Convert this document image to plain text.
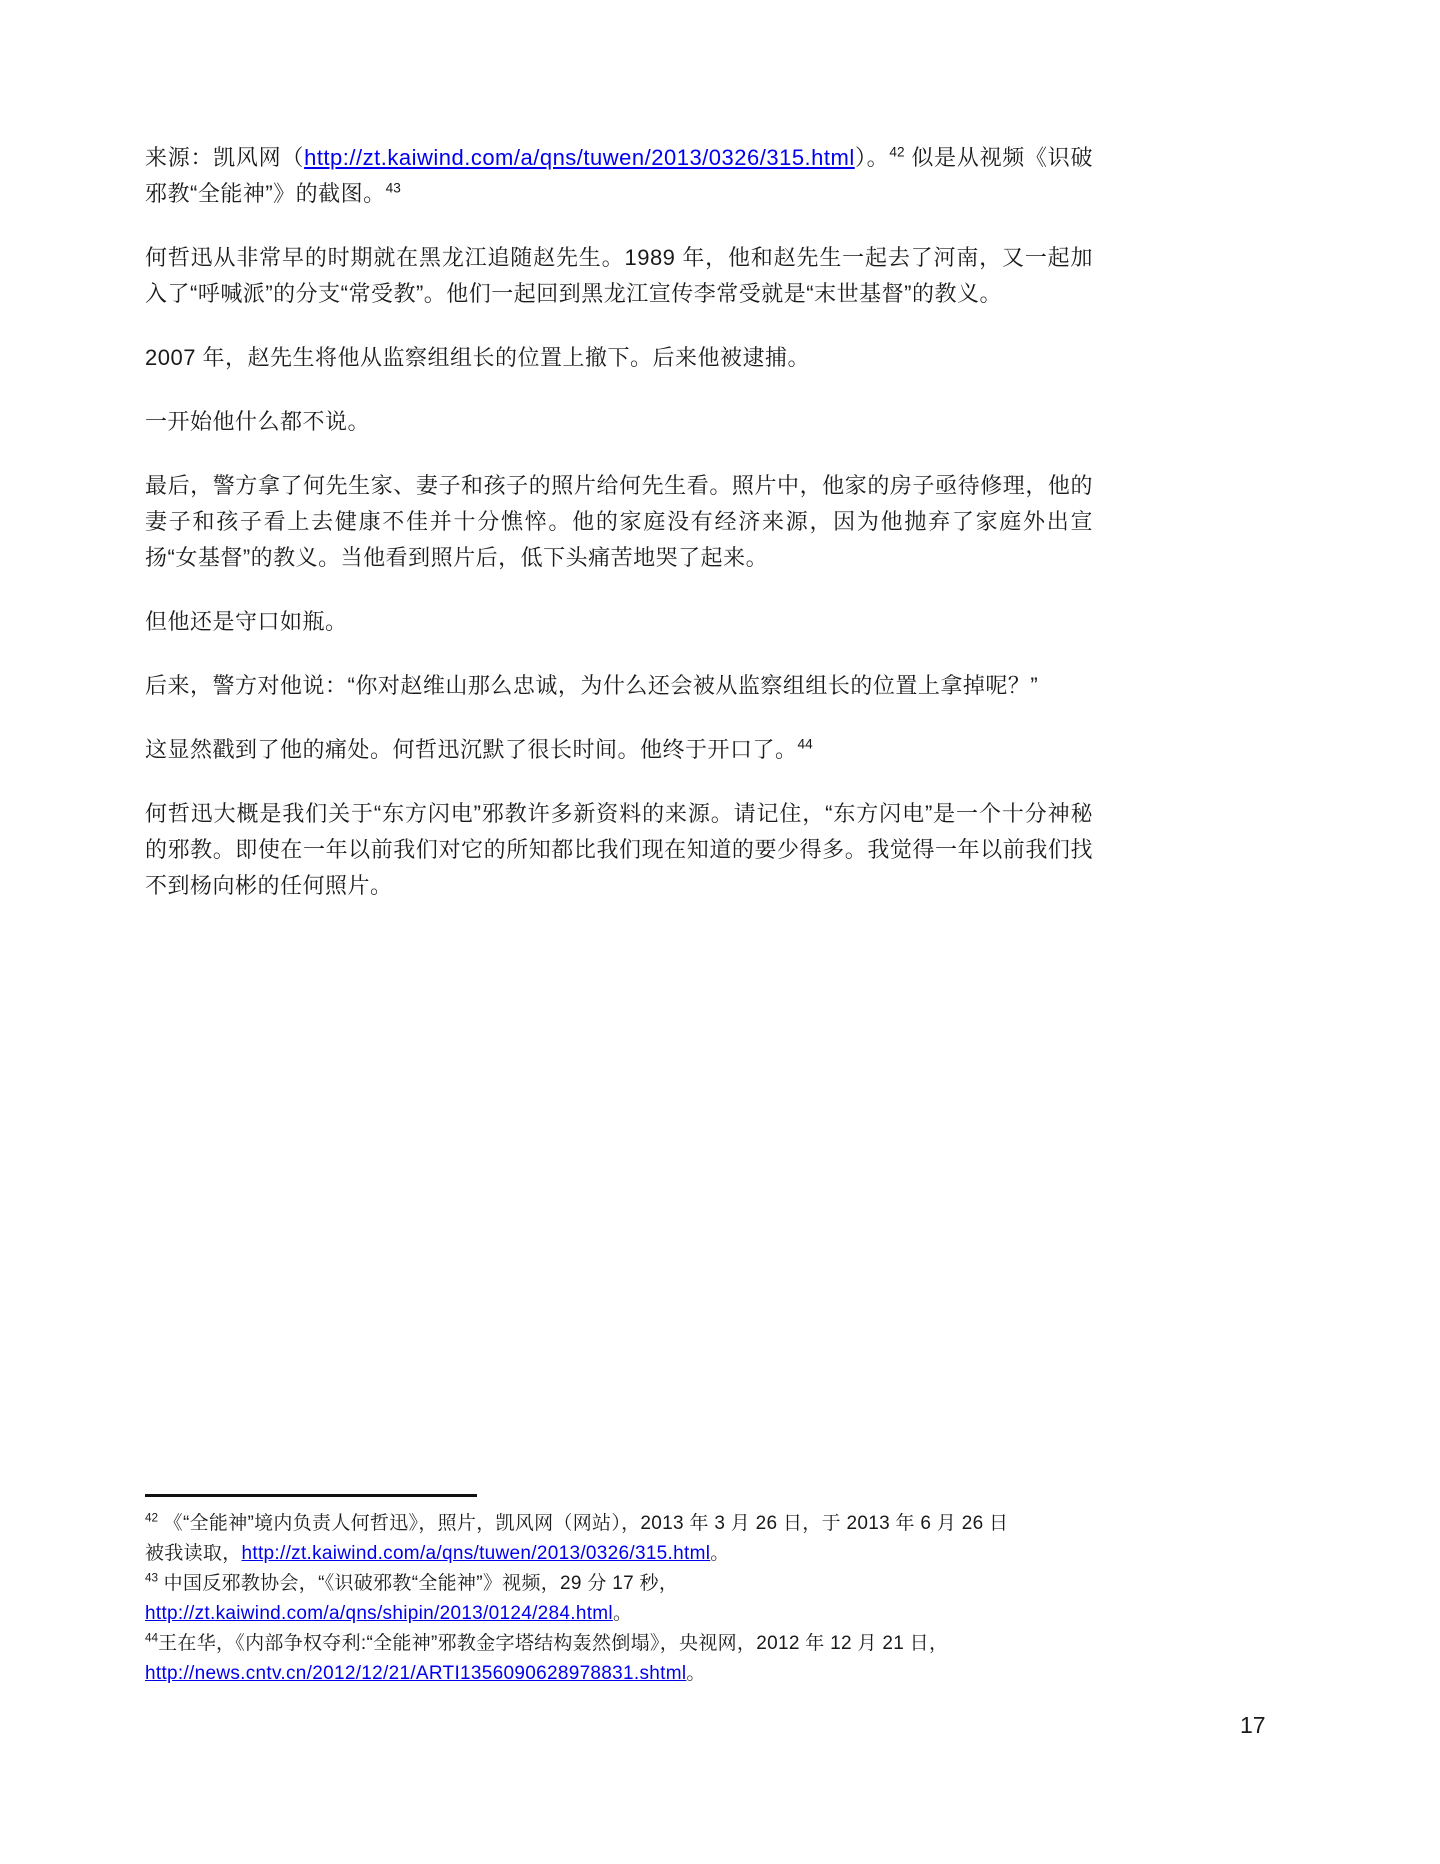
来源：凯风网（http://zt.kaiwind.com/a/qns/tuwen/2013/0326/315.html）。$^{42}$ 似是从视频《识破邪教“全能神”》的截图。$^{43}$

何哲迅从非常早的时期就在黑龙江追随赵先生。1989 年，他和赵先生一起去了河南，又一起加入了“呼喊派”的分支“常受教”。他们一起回到黑龙江宣传李常受就是“末世基督”的教义。

2007 年，赵先生将他从监察组组长的位置上撤下。后来他被逮捕。

一开始他什么都不说。

最后，警方拿了何先生家、妻子和孩子的照片给何先生看。照片中，他家的房子亟待修理，他的妻子和孩子看上去健康不佳并十分憔悴。他的家庭没有经济来源，因为他抛弃了家庭外出宣扬“女基督”的教义。当他看到照片后，低下头痛苦地哭了起来。

但他还是守口如瓶。

后来，警方对他说：“你对赵维山那么忠诚，为什么还会被从监察组组长的位置上拿掉呢？”

这显然戳到了他的痛处。何哲迅沉默了很长时间。他终于开口了。$^{44}$

何哲迅大概是我们关于“东方闪电”邪教许多新资料的来源。请记住，“东方闪电”是一个十分神秘的邪教。即使在一年以前我们对它的所知都比我们现在知道的要少得多。我觉得一年以前我们找不到杨向彬的任何照片。

$^{42}$ 《“全能神”境内负责人何哲迅》，照片，凯风网（网站），2013 年 3 月 26 日，于 2013 年 6 月 26 日
被我读取，http://zt.kaiwind.com/a/qns/tuwen/2013/0326/315.html。
$^{43}$ 中国反邪教协会，“《识破邪教“全能神”》视频，29 分 17 秒，
http://zt.kaiwind.com/a/qns/shipin/2013/0124/284.html。
$^{44}$王在华，《内部争权夺利:“全能神”邪教金字塔结构轰然倒塌》，央视网，2012 年 12 月 21 日，
http://news.cntv.cn/2012/12/21/ARTI1356090628978831.shtml。
17
